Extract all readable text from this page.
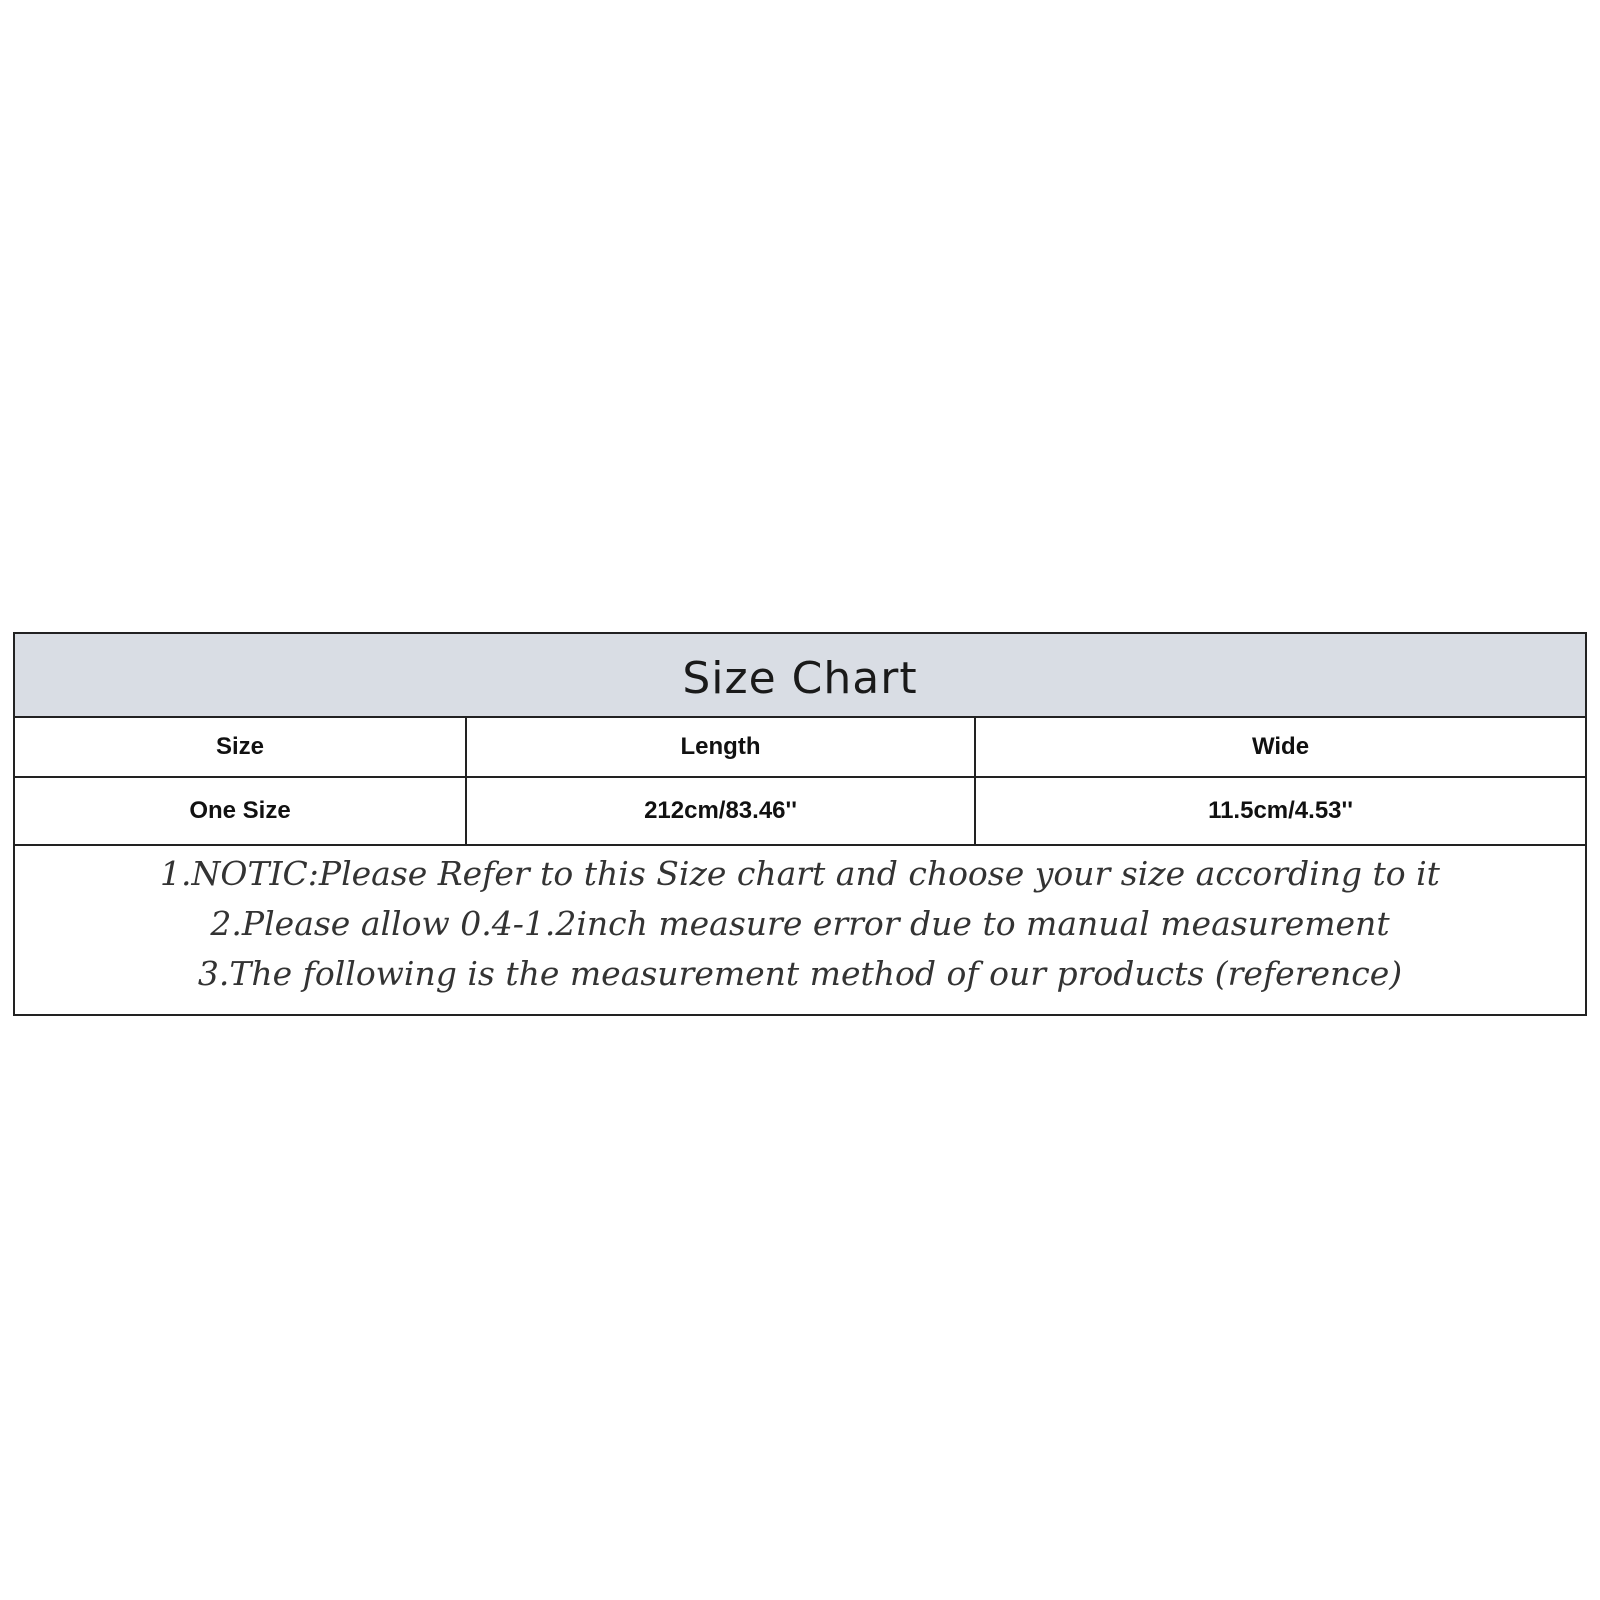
Size Chart
Size	Length	Wide
One Size	212cm/83.46''	11.5cm/4.53''
1.NOTIC:Please Refer to this Size chart and choose your size according to it
2.Please allow 0.4-1.2inch measure error due to manual measurement
3.The following is the measurement method of our products (reference)
